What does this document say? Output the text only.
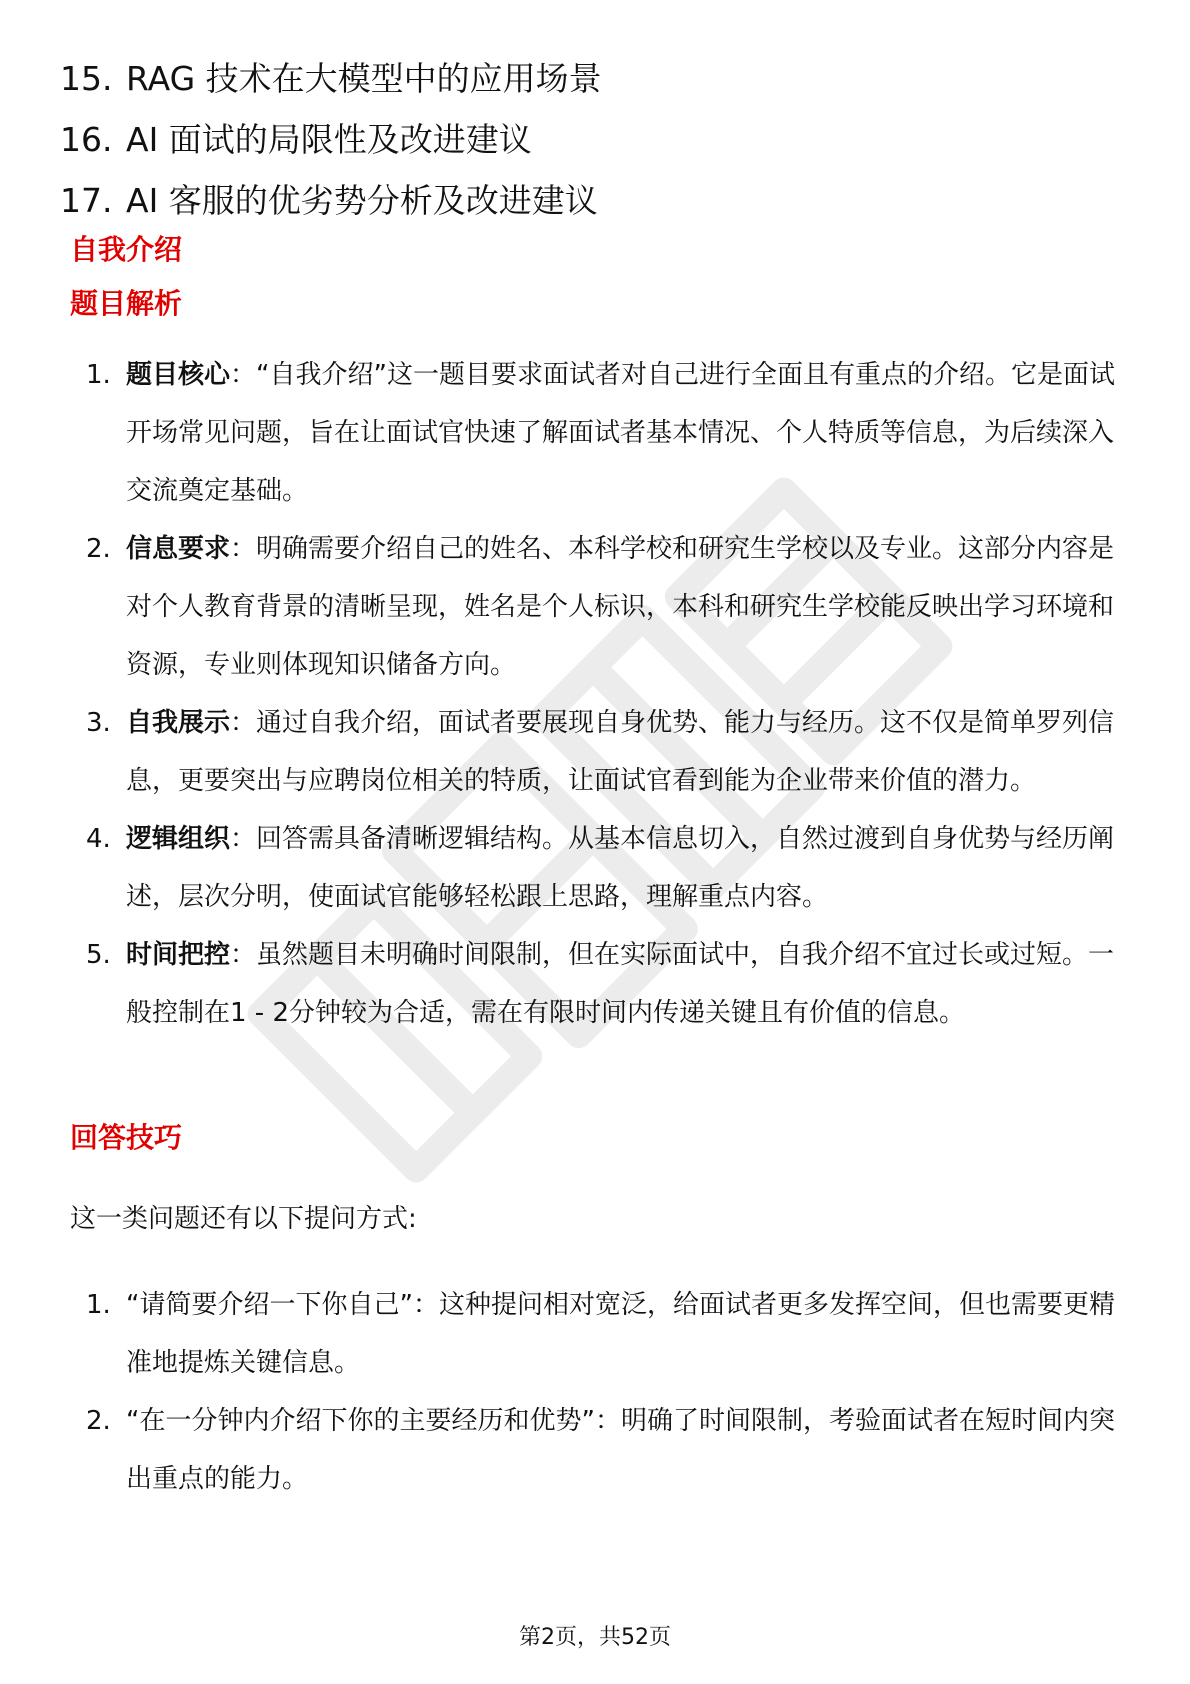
15. RAG 技术在大模型中的应用场景
16. AI 面试的局限性及改进建议
17. AI 客服的优劣势分析及改进建议
自我介绍
题目解析
1. 题目核心：“自我介绍”这一题目要求面试者对自己进行全面且有重点的介绍。它是面试开场常见问题，旨在让面试官快速了解面试者基本情况、个人特质等信息，为后续深入交流奠定基础。
2. 信息要求：明确需要介绍自己的姓名、本科学校和研究生学校以及专业。这部分内容是对个人教育背景的清晰呈现，姓名是个人标识，本科和研究生学校能反映出学习环境和资源，专业则体现知识储备方向。
3. 自我展示：通过自我介绍，面试者要展现自身优势、能力与经历。这不仅是简单罗列信息，更要突出与应聘岗位相关的特质，让面试官看到能为企业带来价值的潜力。
4. 逻辑组织：回答需具备清晰逻辑结构。从基本信息切入，自然过渡到自身优势与经历阐述，层次分明，使面试官能够轻松跟上思路，理解重点内容。
5. 时间把控：虽然题目未明确时间限制，但在实际面试中，自我介绍不宜过长或过短。一般控制在1 - 2分钟较为合适，需在有限时间内传递关键且有价值的信息。
回答技巧
这一类问题还有以下提问方式:
1. “请简要介绍一下你自己”：这种提问相对宽泛，给面试者更多发挥空间，但也需要更精准地提炼关键信息。
2. “在一分钟内介绍下你的主要经历和优势”：明确了时间限制，考验面试者在短时间内突出重点的能力。
第2页，共52页
